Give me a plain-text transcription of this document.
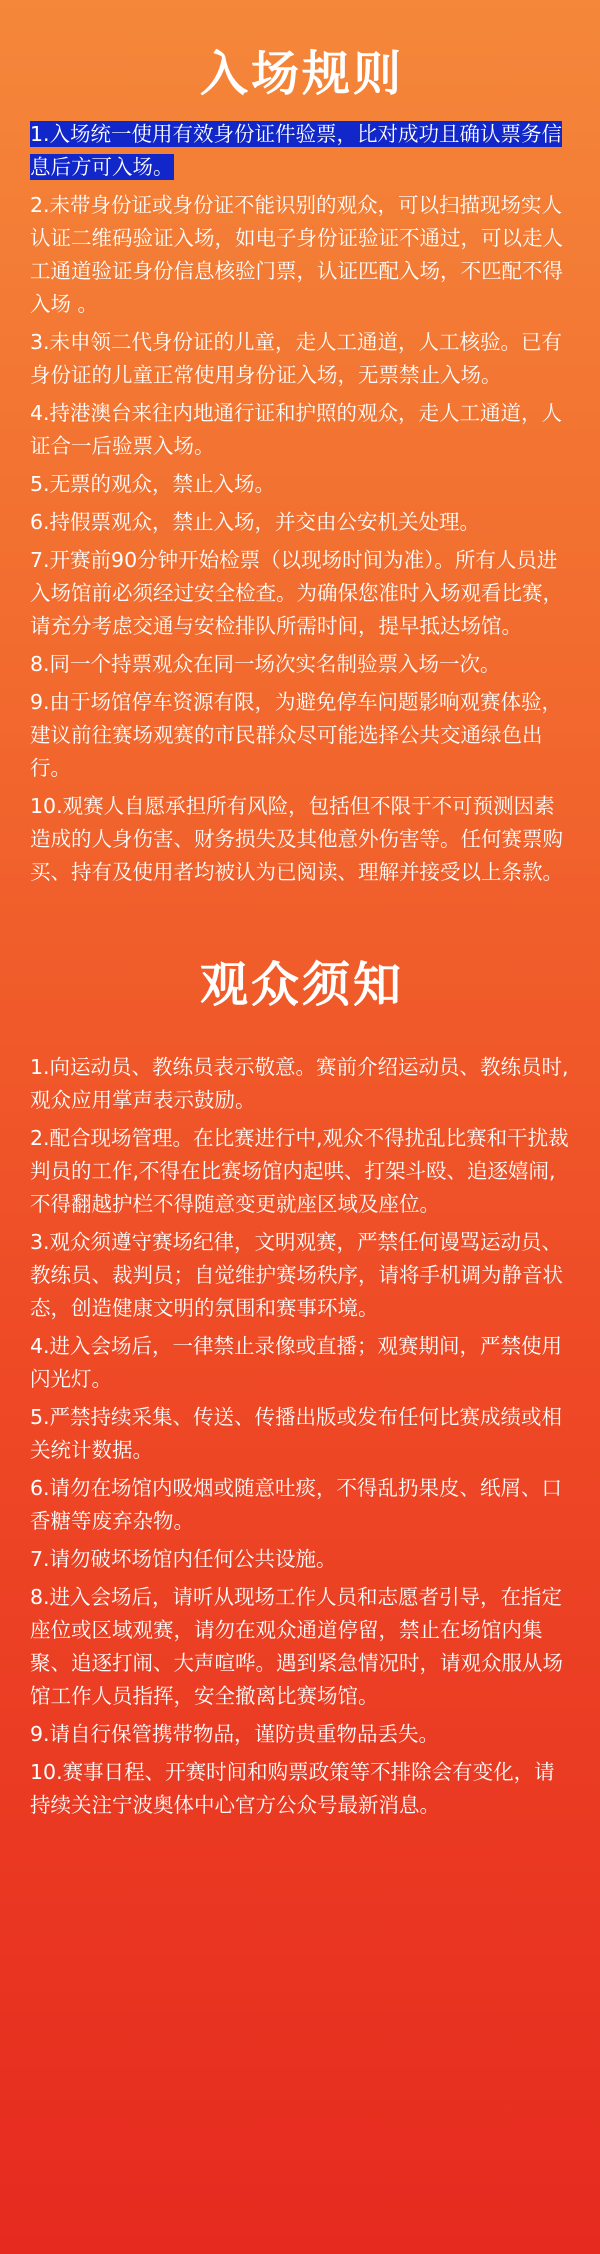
入场规则

1.入场统一使用有效身份证件验票，比对成功且确认票务信息后方可入场。

2.未带身份证或身份证不能识别的观众，可以扫描现场实人认证二维码验证入场，如电子身份证验证不通过，可以走人工通道验证身份信息核验门票，认证匹配入场，不匹配不得入场 。

3.未申领二代身份证的儿童，走人工通道，人工核验。已有身份证的儿童正常使用身份证入场，无票禁止入场。

4.持港澳台来往内地通行证和护照的观众，走人工通道，人证合一后验票入场。

5.无票的观众，禁止入场。

6.持假票观众，禁止入场，并交由公安机关处理。

7.开赛前90分钟开始检票（以现场时间为准）。所有人员进入场馆前必须经过安全检查。为确保您准时入场观看比赛，请充分考虑交通与安检排队所需时间，提早抵达场馆。

8.同一个持票观众在同一场次实名制验票入场一次。

9.由于场馆停车资源有限，为避免停车问题影响观赛体验，建议前往赛场观赛的市民群众尽可能选择公共交通绿色出行。

10.观赛人自愿承担所有风险，包括但不限于不可预测因素造成的人身伤害、财务损失及其他意外伤害等。任何赛票购买、持有及使用者均被认为已阅读、理解并接受以上条款。

观众须知

1.向运动员、教练员表示敬意。赛前介绍运动员、教练员时,观众应用掌声表示鼓励。

2.配合现场管理。在比赛进行中,观众不得扰乱比赛和干扰裁判员的工作,不得在比赛场馆内起哄、打架斗殴、追逐嬉闹,不得翻越护栏不得随意变更就座区域及座位。

3.观众须遵守赛场纪律，文明观赛，严禁任何谩骂运动员、教练员、裁判员；自觉维护赛场秩序，请将手机调为静音状态，创造健康文明的氛围和赛事环境。

4.进入会场后，一律禁止录像或直播；观赛期间，严禁使用闪光灯。

5.严禁持续采集、传送、传播出版或发布任何比赛成绩或相关统计数据。

6.请勿在场馆内吸烟或随意吐痰，不得乱扔果皮、纸屑、口香糖等废弃杂物。

7.请勿破坏场馆内任何公共设施。

8.进入会场后，请听从现场工作人员和志愿者引导，在指定座位或区域观赛，请勿在观众通道停留，禁止在场馆内集聚、追逐打闹、大声喧哗。遇到紧急情况时，请观众服从场馆工作人员指挥，安全撤离比赛场馆。

9.请自行保管携带物品，谨防贵重物品丢失。

10.赛事日程、开赛时间和购票政策等不排除会有变化，请持续关注宁波奥体中心官方公众号最新消息。
